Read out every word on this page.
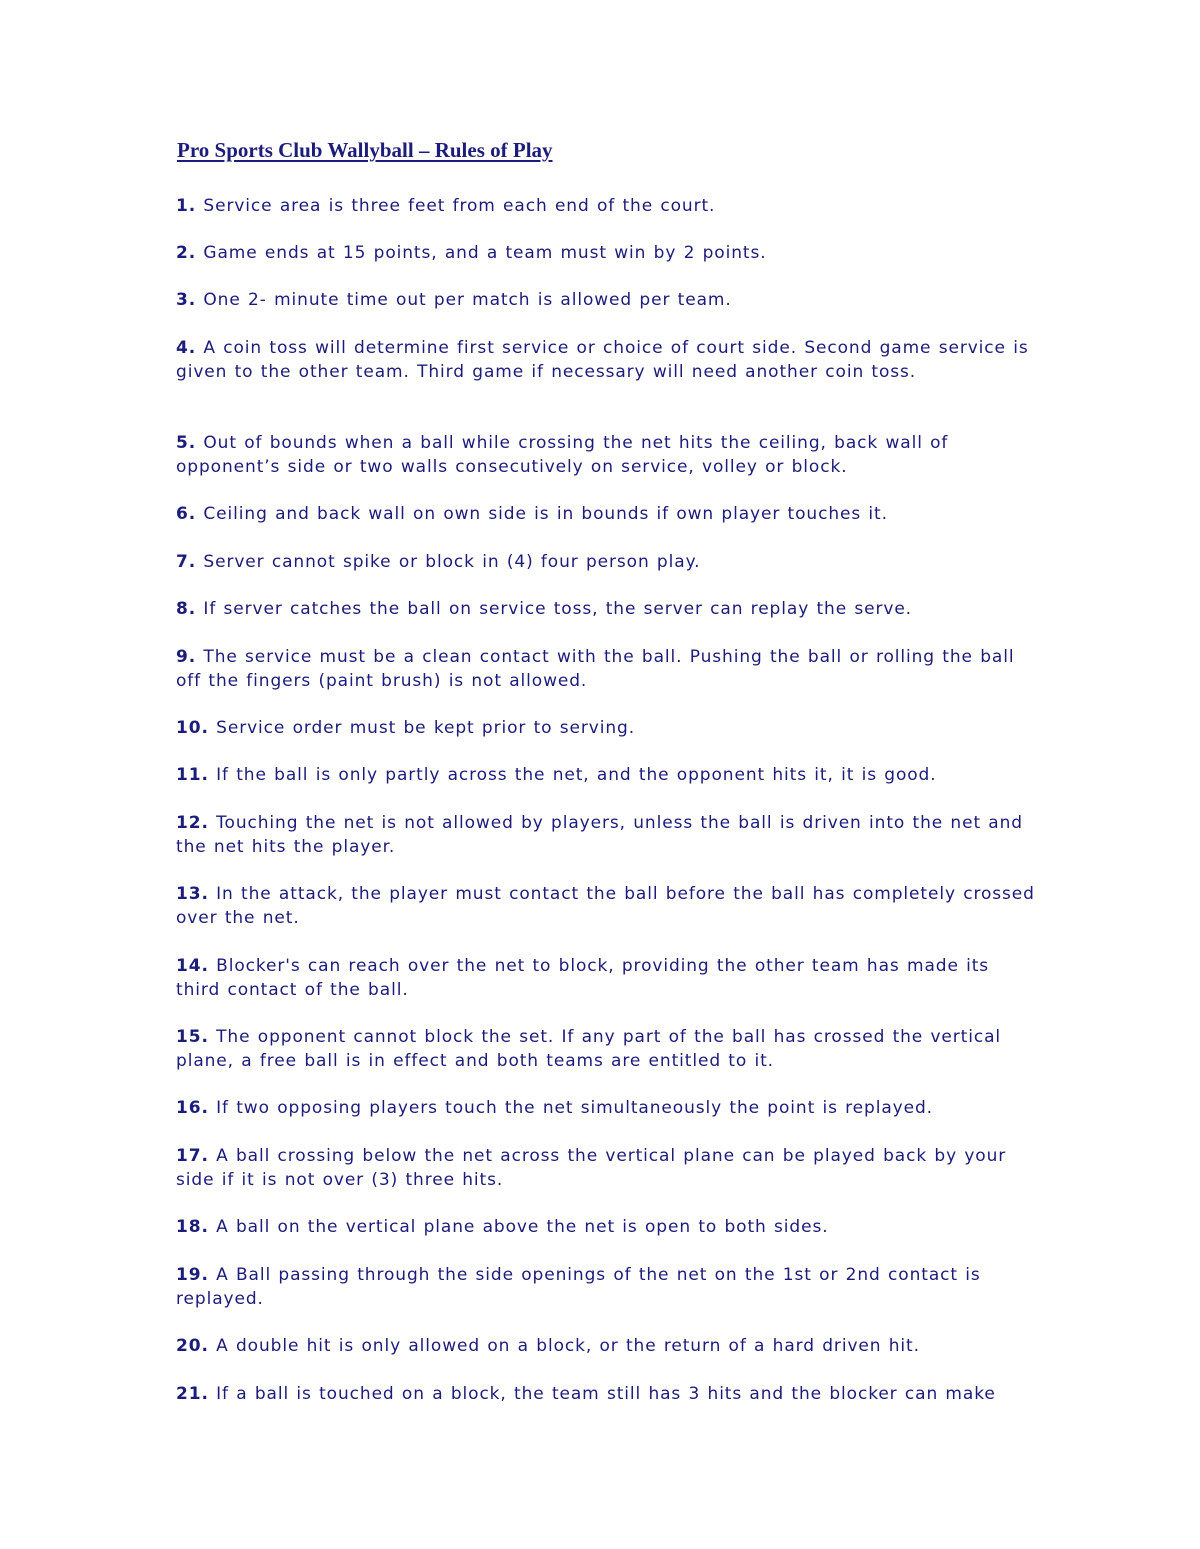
Pro Sports Club Wallyball – Rules of Play

1. Service area is three feet from each end of the court.

2. Game ends at 15 points, and a team must win by 2 points.

3. One 2- minute time out per match is allowed per team.

4. A coin toss will determine first service or choice of court side. Second game service is given to the other team. Third game if necessary will need another coin toss.

5. Out of bounds when a ball while crossing the net hits the ceiling, back wall of opponent’s side or two walls consecutively on service, volley or block.

6. Ceiling and back wall on own side is in bounds if own player touches it.

7. Server cannot spike or block in (4) four person play.

8. If server catches the ball on service toss, the server can replay the serve.

9. The service must be a clean contact with the ball. Pushing the ball or rolling the ball off the fingers (paint brush) is not allowed.

10. Service order must be kept prior to serving.

11. If the ball is only partly across the net, and the opponent hits it, it is good.

12. Touching the net is not allowed by players, unless the ball is driven into the net and the net hits the player.

13. In the attack, the player must contact the ball before the ball has completely crossed over the net.

14. Blocker's can reach over the net to block, providing the other team has made its third contact of the ball.

15. The opponent cannot block the set. If any part of the ball has crossed the vertical plane, a free ball is in effect and both teams are entitled to it.

16. If two opposing players touch the net simultaneously the point is replayed.

17. A ball crossing below the net across the vertical plane can be played back by your side if it is not over (3) three hits.

18. A ball on the vertical plane above the net is open to both sides.

19. A Ball passing through the side openings of the net on the 1st or 2nd contact is replayed.

20. A double hit is only allowed on a block, or the return of a hard driven hit.

21. If a ball is touched on a block, the team still has 3 hits and the blocker can make
